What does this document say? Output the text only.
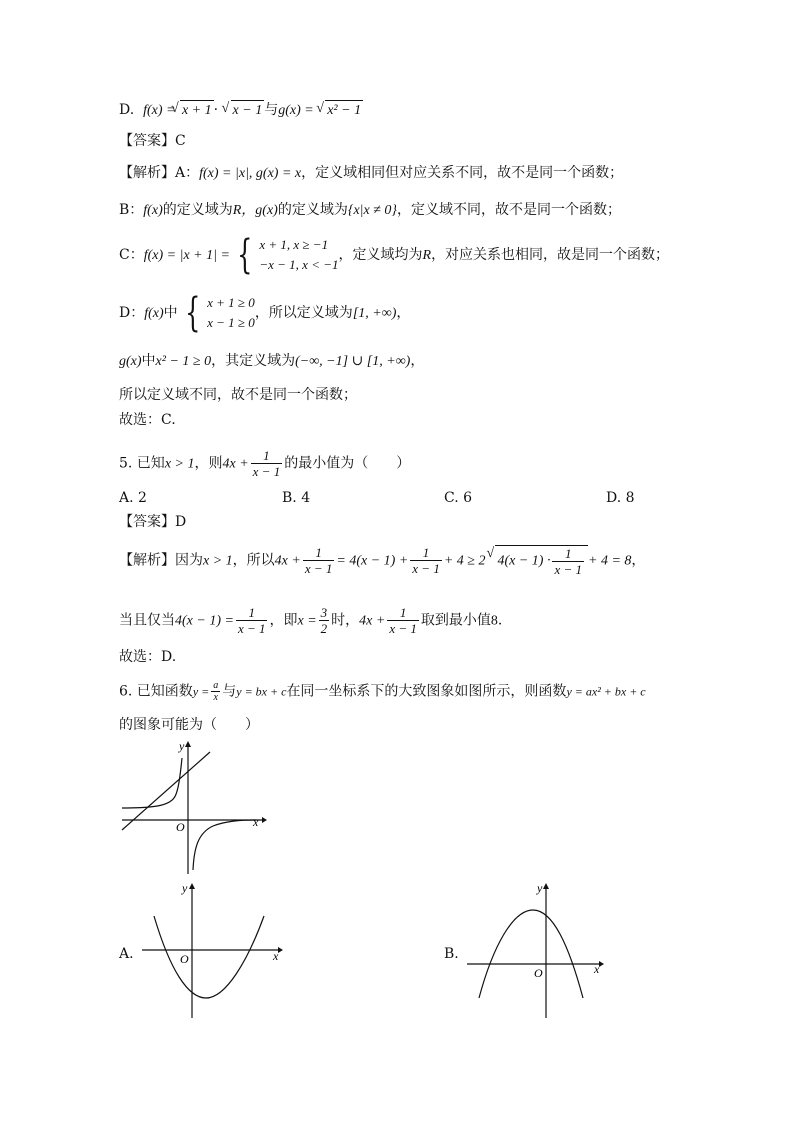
D. f(x) = √ x + 1 · √ x − 1 与g(x) = √ x² − 1
【答案】C
【解析】A：f(x) = |x|, g(x) = x，定义域相同但对应关系不同，故不是同一个函数；
B：f(x)的定义域为R，g(x)的定义域为{x|x ≠ 0}，定义域不同，故不是同一个函数；
C：f(x) = |x + 1| = { x + 1, x ≥ −1
−x − 1, x < −1
，定义域均为R，对应关系也相同，故是同一个函数；
D：f(x)中 { x + 1 ≥ 0
x − 1 ≥ 0
，所以定义域为[1, +∞)，
g(x)中x² − 1 ≥ 0，其定义域为(−∞, −1] ∪ [1, +∞)，
所以定义域不同，故不是同一个函数；
故选：C.
5. 已知x > 1，则$4x + \frac{1}{x - 1}$ 的最小值为（　　）
A. 2	B. 4	C. 6	D. 8
【答案】D
【解析】因为x > 1，所以$4x + \frac{1}{x - 1} = 4(x - 1) + \frac{1}{x - 1} + 4 \ge 2√$ $4(x - 1) \cdot \frac{1}{x - 1} + 4 = 8$，
当且仅当$4(x - 1) = \frac{1}{x - 1}$ ，即$x = \frac{3}{2}$ 时，$4x + \frac{1}{x - 1}$ 取到最小值8.
故选：D.
6. 已知函数$y = \frac{a}{x}$ 与y = bx + c在同一坐标系下的大致图象如图所示，则函数y = ax² + bx + c
的图象可能为（　　）
O	x
y
A.	O	x
y
B.
O	x
y
